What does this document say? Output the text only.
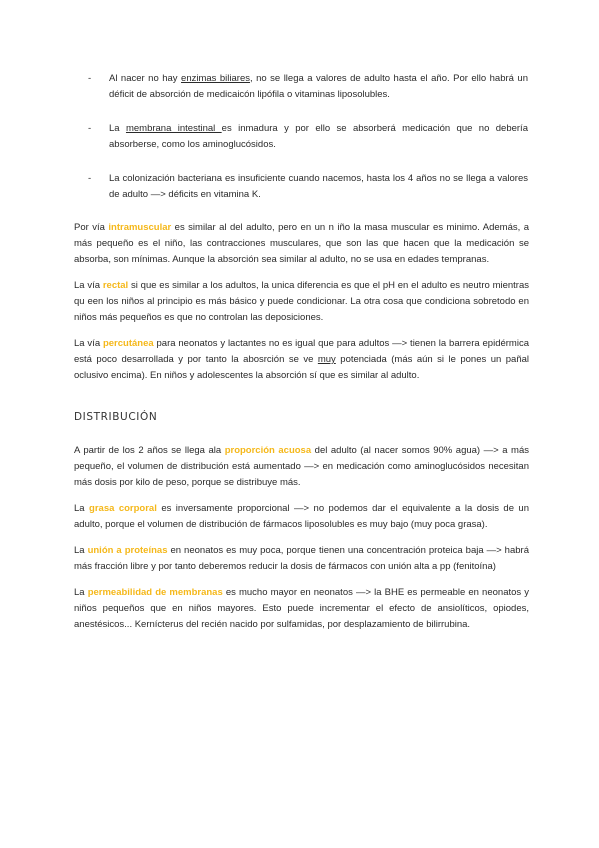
- Al nacer no hay enzimas biliares, no se llega a valores de adulto hasta el año. Por ello habrá un déficit de absorción de medicaicón lipófila o vitaminas liposolubles.

- La membrana intestinal es inmadura y por ello se absorberá medicación que no debería absorberse, como los aminoglucósidos.

- La colonización bacteriana es insuficiente cuando nacemos, hasta los 4 años no se llega a valores de adulto —> déficits en vitamina K.

Por vía intramuscular es similar al del adulto, pero en un n iño la masa muscular es minimo. Además, a más pequeño es el niño, las contracciones musculares, que son las que hacen que la medicación se absorba, son mínimas. Aunque la absorción sea similar al adulto, no se usa en edades tempranas.

La vía rectal si que es similar a los adultos, la unica diferencia es que el pH en el adulto es neutro mientras qu een los niños al principio es más básico y puede condicionar. La otra cosa que condiciona sobretodo en niños más pequeños es que no controlan las deposiciones.

La vía percutánea para neonatos y lactantes no es igual que para adultos —> tienen la barrera epidérmica está poco desarrollada y por tanto la abosrción se ve muy potenciada (más aún si le pones un pañal oclusivo encima). En niños y adolescentes la absorción sí que es similar al adulto.

DISTRIBUCIÓN

A partir de los 2 años se llega ala proporción acuosa del adulto (al nacer somos 90% agua) —> a más pequeño, el volumen de distribución está aumentado —> en medicación como aminoglucósidos necesitan más dosis por kilo de peso, porque se distribuye más.

La grasa corporal es inversamente proporcional —> no podemos dar el equivalente a la dosis de un adulto, porque el volumen de distribución de fármacos liposolubles es muy bajo (muy poca grasa).

La unión a proteínas en neonatos es muy poca, porque tienen una concentración proteica baja —> habrá más fracción libre y por tanto deberemos reducir la dosis de fármacos con unión alta a pp (fenitoína)

La permeabilidad de membranas es mucho mayor en neonatos —> la BHE es permeable en neonatos y niños pequeños que en niños mayores. Esto puede incrementar el efecto de ansiolíticos, opiodes, anestésicos... Kernícterus del recién nacido por sulfamidas, por desplazamiento de bilirrubina.
